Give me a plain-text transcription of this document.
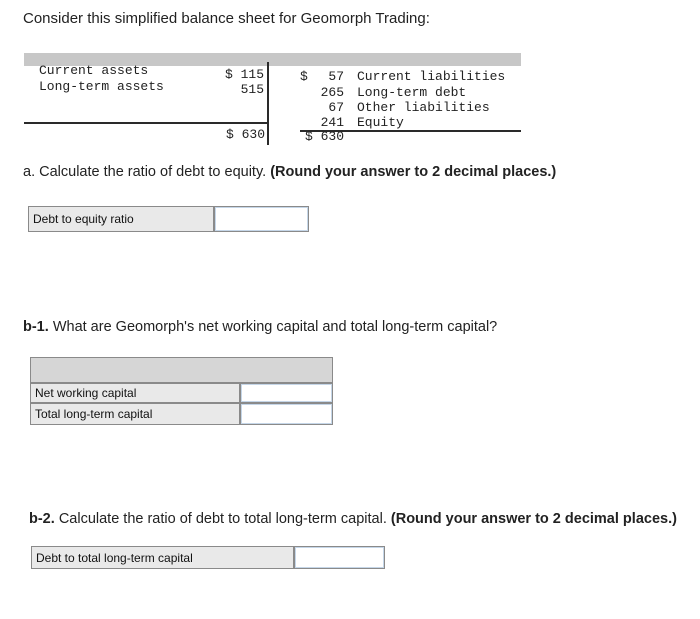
Consider this simplified balance sheet for Geomorph Trading:
Current assets
Long-term assets
$ 115
515
$	57
265
67
241
Current liabilities
Long-term debt
Other liabilities
Equity
$ 630	$ 630
a. Calculate the ratio of debt to equity. (Round your answer to 2 decimal places.)
Debt to equity ratio
b-1. What are Geomorph's net working capital and total long-term capital?
Net working capital
Total long-term capital
b-2. Calculate the ratio of debt to total long-term capital. (Round your answer to 2 decimal places.)
Debt to total long-term capital
